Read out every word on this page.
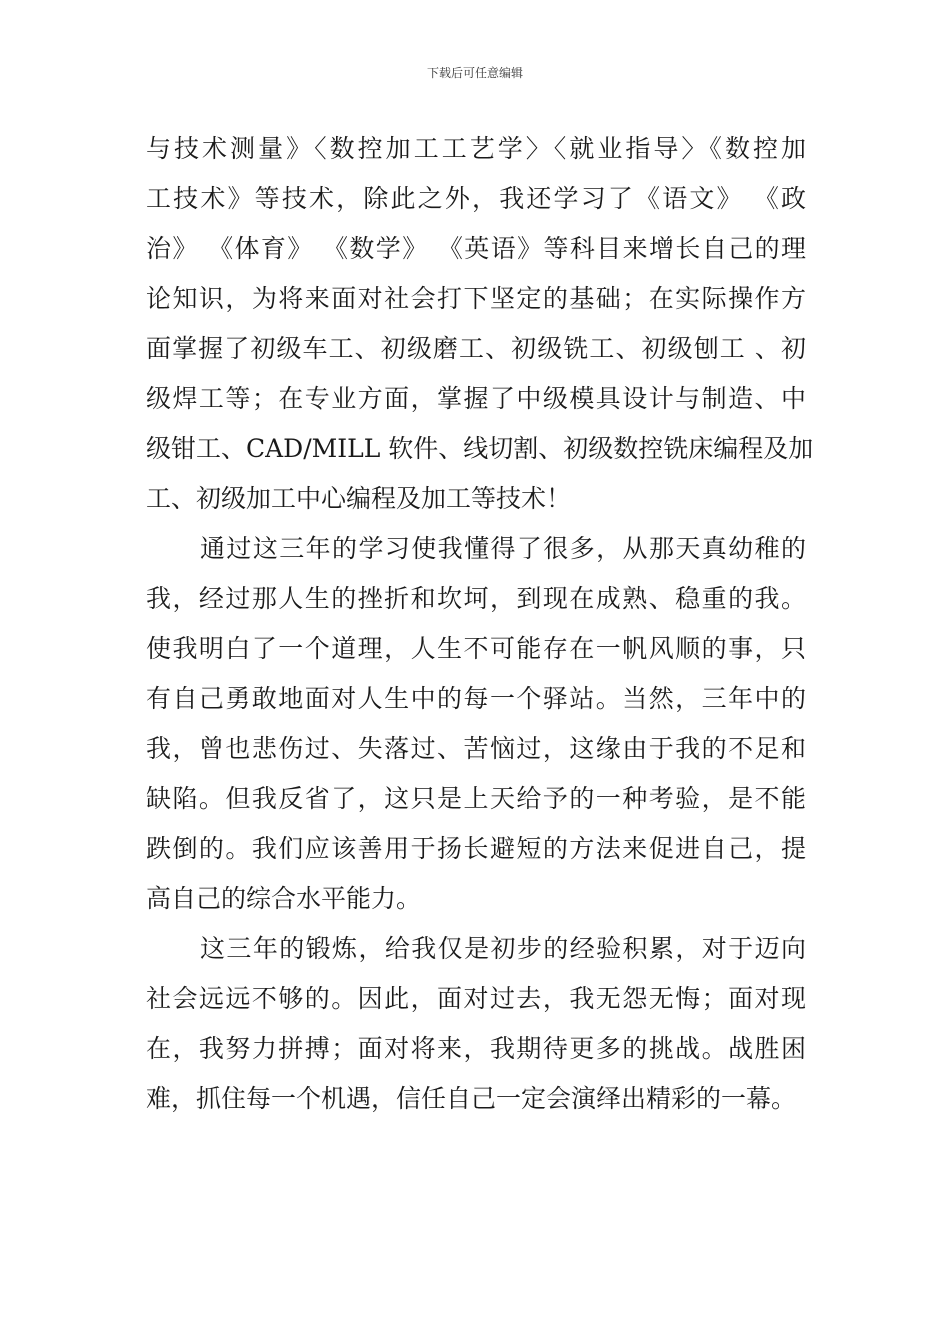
下载后可任意编辑
与技术测量》〈数控加工工艺学〉〈就业指导〉《数控加
工技术》等技术，除此之外，我还学习了《语文》 《政
治》 《体育》 《数学》 《英语》等科目来增长自己的理
论知识，为将来面对社会打下坚定的基础；在实际操作方
面掌握了初级车工、初级磨工、初级铣工、初级刨工 、初
级焊工等；在专业方面，掌握了中级模具设计与制造、中
级钳工、CAD/MILL 软件、线切割、初级数控铣床编程及加
工、初级加工中心编程及加工等技术！
通过这三年的学习使我懂得了很多，从那天真幼稚的
我，经过那人生的挫折和坎坷，到现在成熟、稳重的我。
使我明白了一个道理，人生不可能存在一帆风顺的事，只
有自己勇敢地面对人生中的每一个驿站。当然，三年中的
我，曾也悲伤过、失落过、苦恼过，这缘由于我的不足和
缺陷。但我反省了，这只是上天给予的一种考验，是不能
跌倒的。我们应该善用于扬长避短的方法来促进自己，提
高自己的综合水平能力。
这三年的锻炼，给我仅是初步的经验积累，对于迈向
社会远远不够的。因此，面对过去，我无怨无悔；面对现
在，我努力拼搏；面对将来，我期待更多的挑战。战胜困
难，抓住每一个机遇，信任自己一定会演绎出精彩的一幕。
